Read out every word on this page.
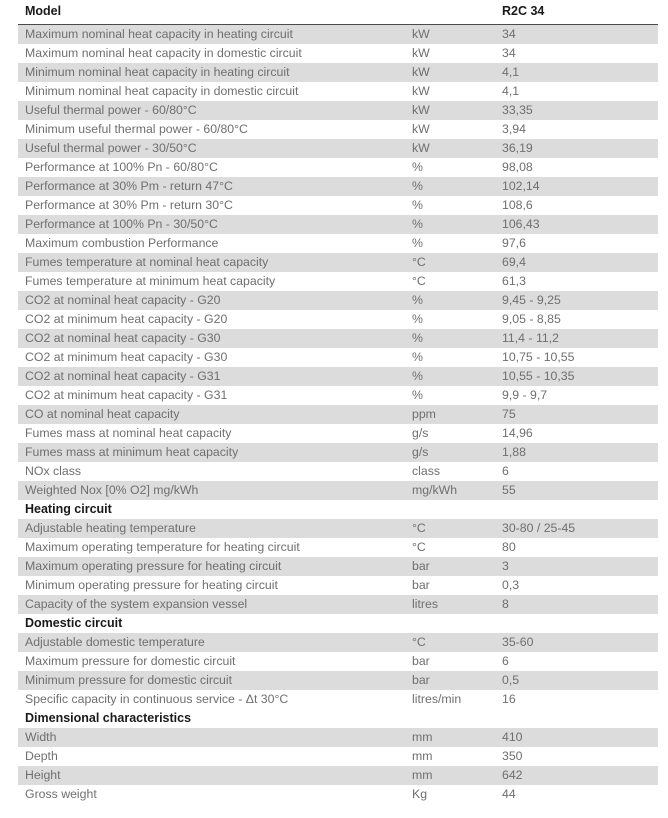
Model		R2C 34
Maximum nominal heat capacity in heating circuit	kW	34
Maximum nominal heat capacity in domestic circuit	kW	34
Minimum nominal heat capacity in heating circuit	kW	4,1
Minimum nominal heat capacity in domestic circuit	kW	4,1
Useful thermal power - 60/80°C	kW	33,35
Minimum useful thermal power - 60/80°C	kW	3,94
Useful thermal power - 30/50°C	kW	36,19
Performance at 100% Pn - 60/80°C	%	98,08
Performance at 30% Pm - return 47°C	%	102,14
Performance at 30% Pm - return 30°C	%	108,6
Performance at 100% Pn - 30/50°C	%	106,43
Maximum combustion Performance	%	97,6
Fumes temperature at nominal heat capacity	°C	69,4
Fumes temperature at minimum heat capacity	°C	61,3
CO2 at nominal heat capacity - G20	%	9,45 - 9,25
CO2 at minimum heat capacity - G20	%	9,05 - 8,85
CO2 at nominal heat capacity - G30	%	11,4 - 11,2
CO2 at minimum heat capacity - G30	%	10,75 - 10,55
CO2 at nominal heat capacity - G31	%	10,55 - 10,35
CO2 at minimum heat capacity - G31	%	9,9 - 9,7
CO at nominal heat capacity	ppm	75
Fumes mass at nominal heat capacity	g/s	14,96
Fumes mass at minimum heat capacity	g/s	1,88
NOx class	class	6
Weighted Nox [0% O2] mg/kWh	mg/kWh	55
Heating circuit		
Adjustable heating temperature	°C	30-80 / 25-45
Maximum operating temperature for heating circuit	°C	80
Maximum operating pressure for heating circuit	bar	3
Minimum operating pressure for heating circuit	bar	0,3
Capacity of the system expansion vessel	litres	8
Domestic circuit		
Adjustable domestic temperature	°C	35-60
Maximum pressure for domestic circuit	bar	6
Minimum pressure for domestic circuit	bar	0,5
Specific capacity in continuous service - Δt 30°C	litres/min	16
Dimensional characteristics		
Width	mm	410
Depth	mm	350
Height	mm	642
Gross weight	Kg	44
